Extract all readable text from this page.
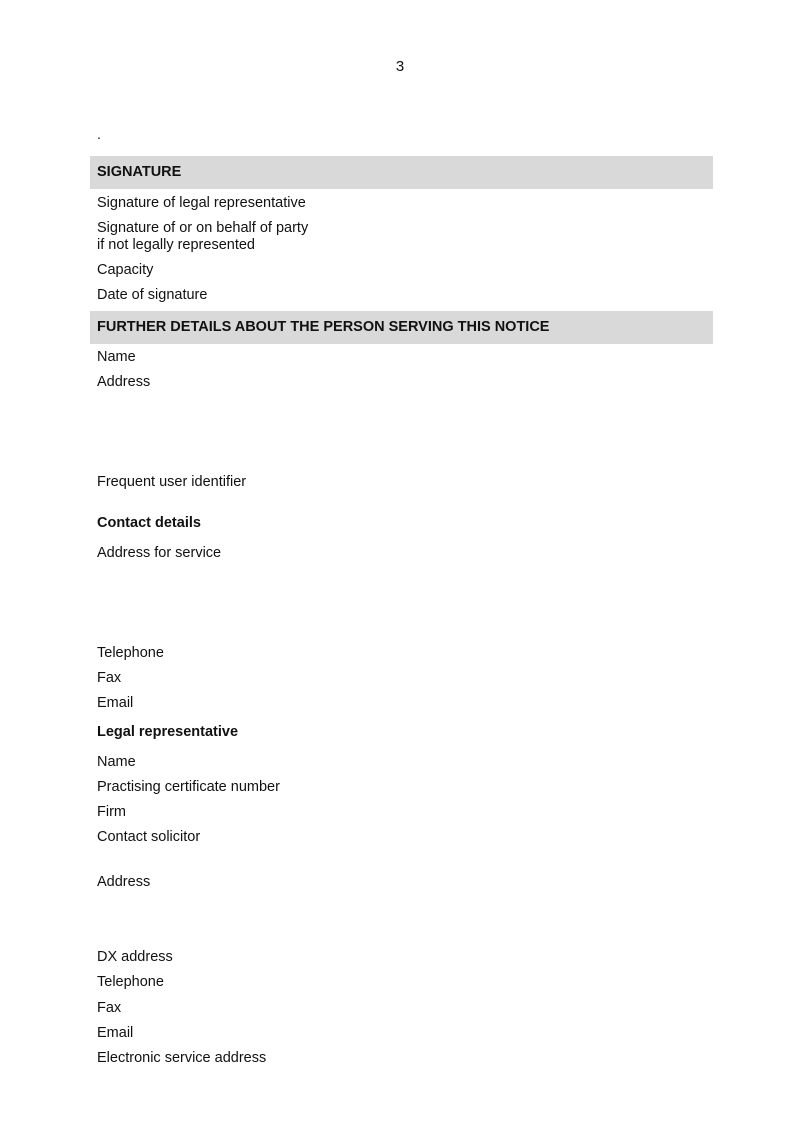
3
.
SIGNATURE
Signature of legal representative
Signature of or on behalf of party
if not legally represented
Capacity
Date of signature
FURTHER DETAILS ABOUT THE PERSON SERVING THIS NOTICE
Name
Address
Frequent user identifier
Contact details
Address for service
Telephone
Fax
Email
Legal representative
Name
Practising certificate number
Firm
Contact solicitor
Address
DX address
Telephone
Fax
Email
Electronic service address
